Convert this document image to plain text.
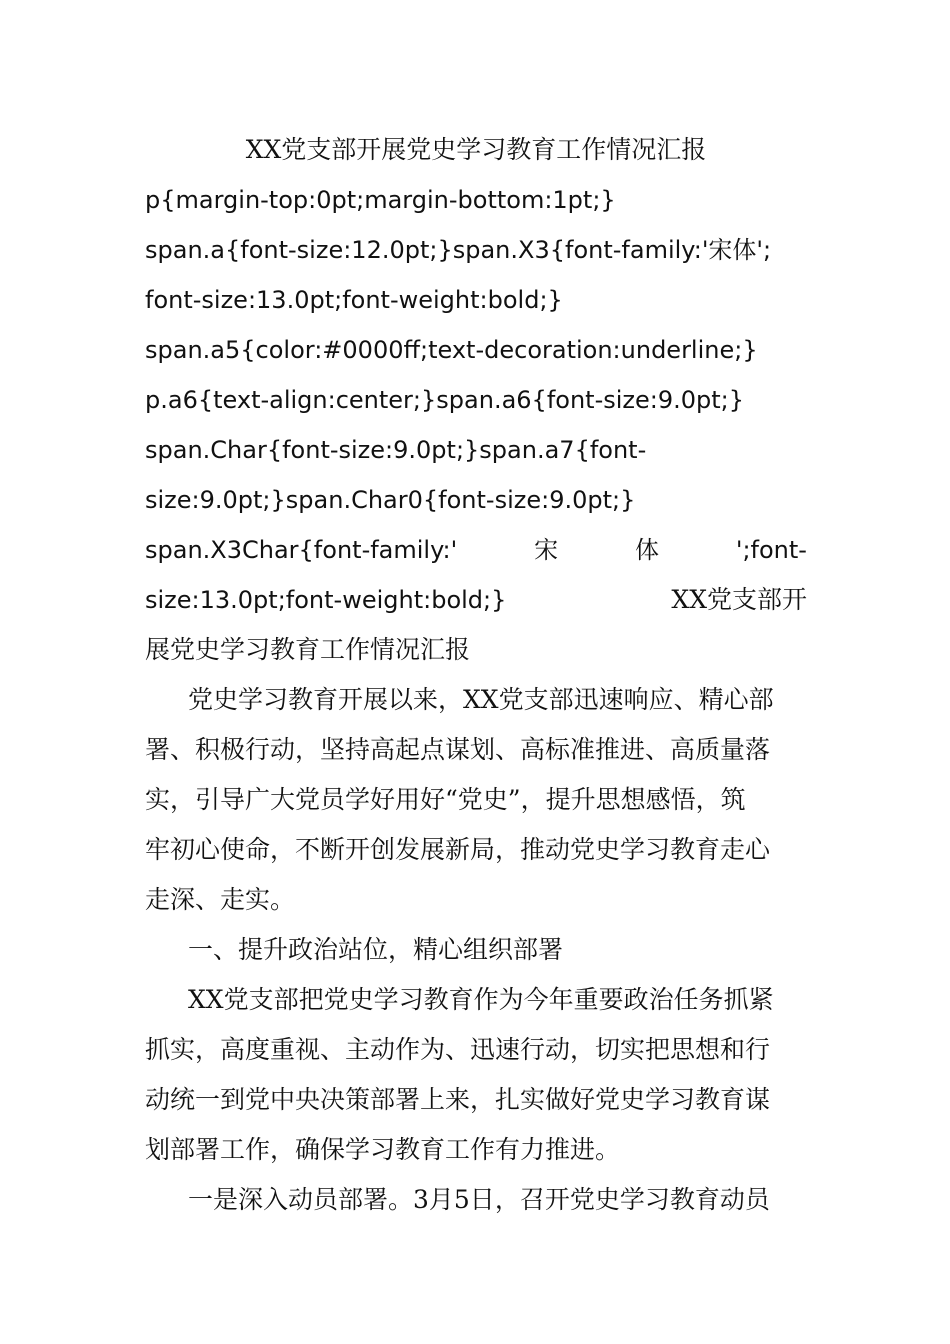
XX党支部开展党史学习教育工作情况汇报
p{margin-top:0pt;margin-bottom:1pt;}
span.a{font-size:12.0pt;}span.X3{font-family:'宋体';
font-size:13.0pt;font-weight:bold;}
span.a5{color:#0000ff;text-decoration:underline;}
p.a6{text-align:center;}span.a6{font-size:9.0pt;}
span.Char{font-size:9.0pt;}span.a7{font-
size:9.0pt;}span.Char0{font-size:9.0pt;}
span.X3Char{font-family:'	宋	体	';font-
size:13.0pt;font-weight:bold;}	XX党支部开
展党史学习教育工作情况汇报
党史学习教育开展以来，XX党支部迅速响应、精心部
署、积极行动，坚持高起点谋划、高标准推进、高质量落
实，引导广大党员学好用好“党史”，提升思想感悟，筑
牢初心使命，不断开创发展新局，推动党史学习教育走心
走深、走实。
一、提升政治站位，精心组织部署
XX党支部把党史学习教育作为今年重要政治任务抓紧
抓实，高度重视、主动作为、迅速行动，切实把思想和行
动统一到党中央决策部署上来，扎实做好党史学习教育谋
划部署工作，确保学习教育工作有力推进。
一是深入动员部署。3月5日，召开党史学习教育动员
